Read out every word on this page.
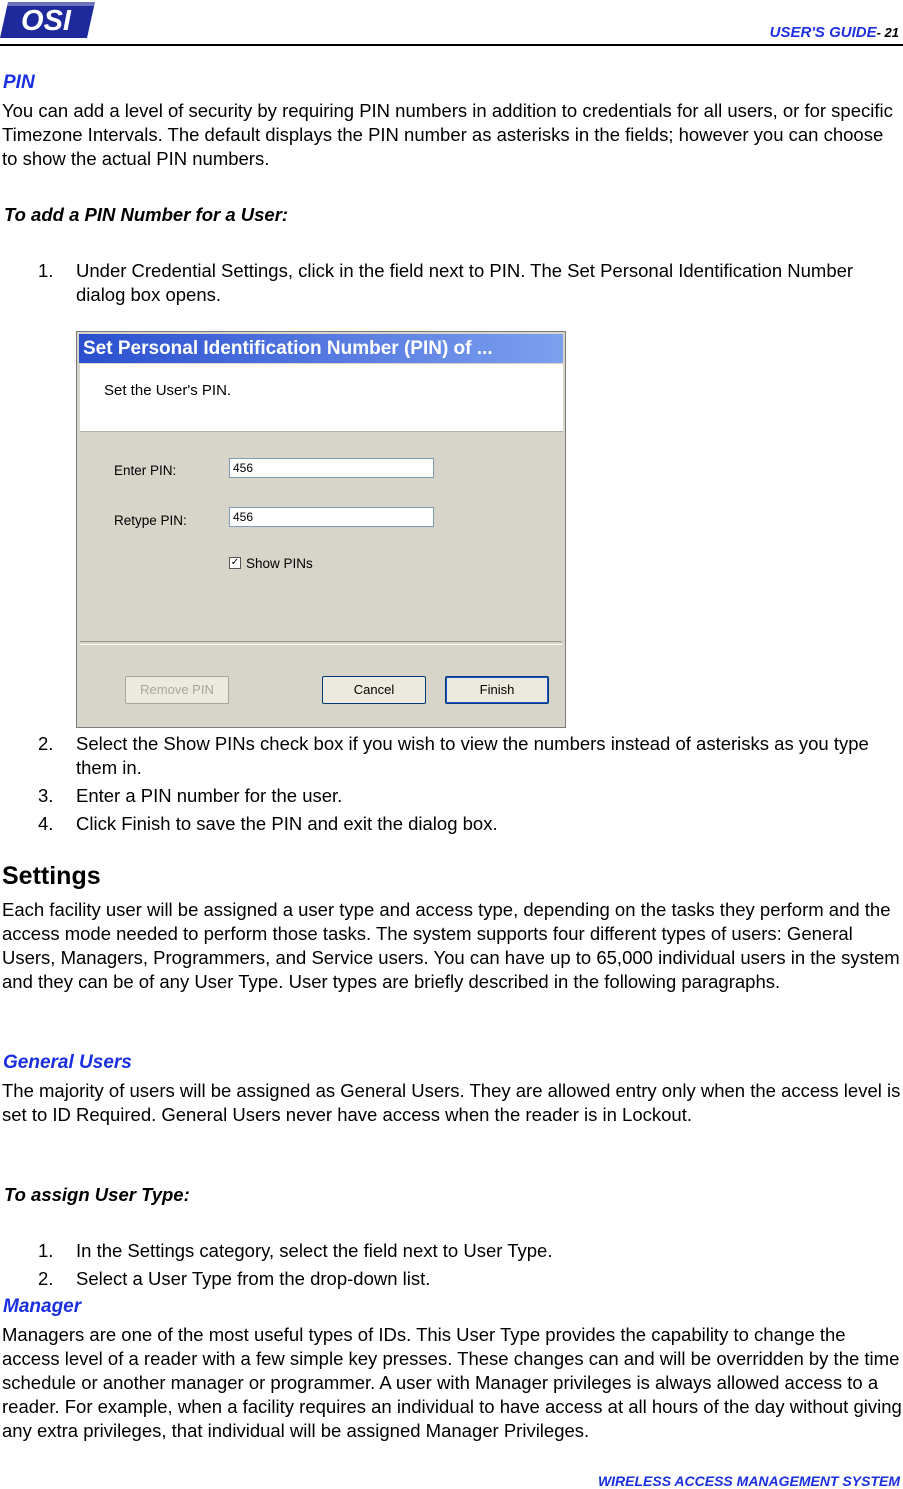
OSI	USER'S GUIDE- 21
PIN
You can add a level of security by requiring PIN numbers in addition to credentials for all users, or for specific Timezone Intervals. The default displays the PIN number as asterisks in the fields; however you can choose to show the actual PIN numbers.
To add a PIN Number for a User:
1. Under Credential Settings, click in the field next to PIN. The Set Personal Identification Number dialog box opens.
Set Personal Identification Number (PIN) of ...
Set the User's PIN.
Enter PIN:	456
Retype PIN:	456
✓ Show PINs
Remove PIN	Cancel	Finish
2. Select the Show PINs check box if you wish to view the numbers instead of asterisks as you type them in.
3. Enter a PIN number for the user.
4. Click Finish to save the PIN and exit the dialog box.
Settings
Each facility user will be assigned a user type and access type, depending on the tasks they perform and the access mode needed to perform those tasks. The system supports four different types of users: General Users, Managers, Programmers, and Service users. You can have up to 65,000 individual users in the system and they can be of any User Type. User types are briefly described in the following paragraphs.
General Users
The majority of users will be assigned as General Users. They are allowed entry only when the access level is set to ID Required. General Users never have access when the reader is in Lockout.
To assign User Type:
1. In the Settings category, select the field next to User Type.
2. Select a User Type from the drop-down list.
Manager
Managers are one of the most useful types of IDs. This User Type provides the capability to change the access level of a reader with a few simple key presses. These changes can and will be overridden by the time schedule or another manager or programmer. A user with Manager privileges is always allowed access to a reader. For example, when a facility requires an individual to have access at all hours of the day without giving any extra privileges, that individual will be assigned Manager Privileges.
WIRELESS ACCESS MANAGEMENT SYSTEM
